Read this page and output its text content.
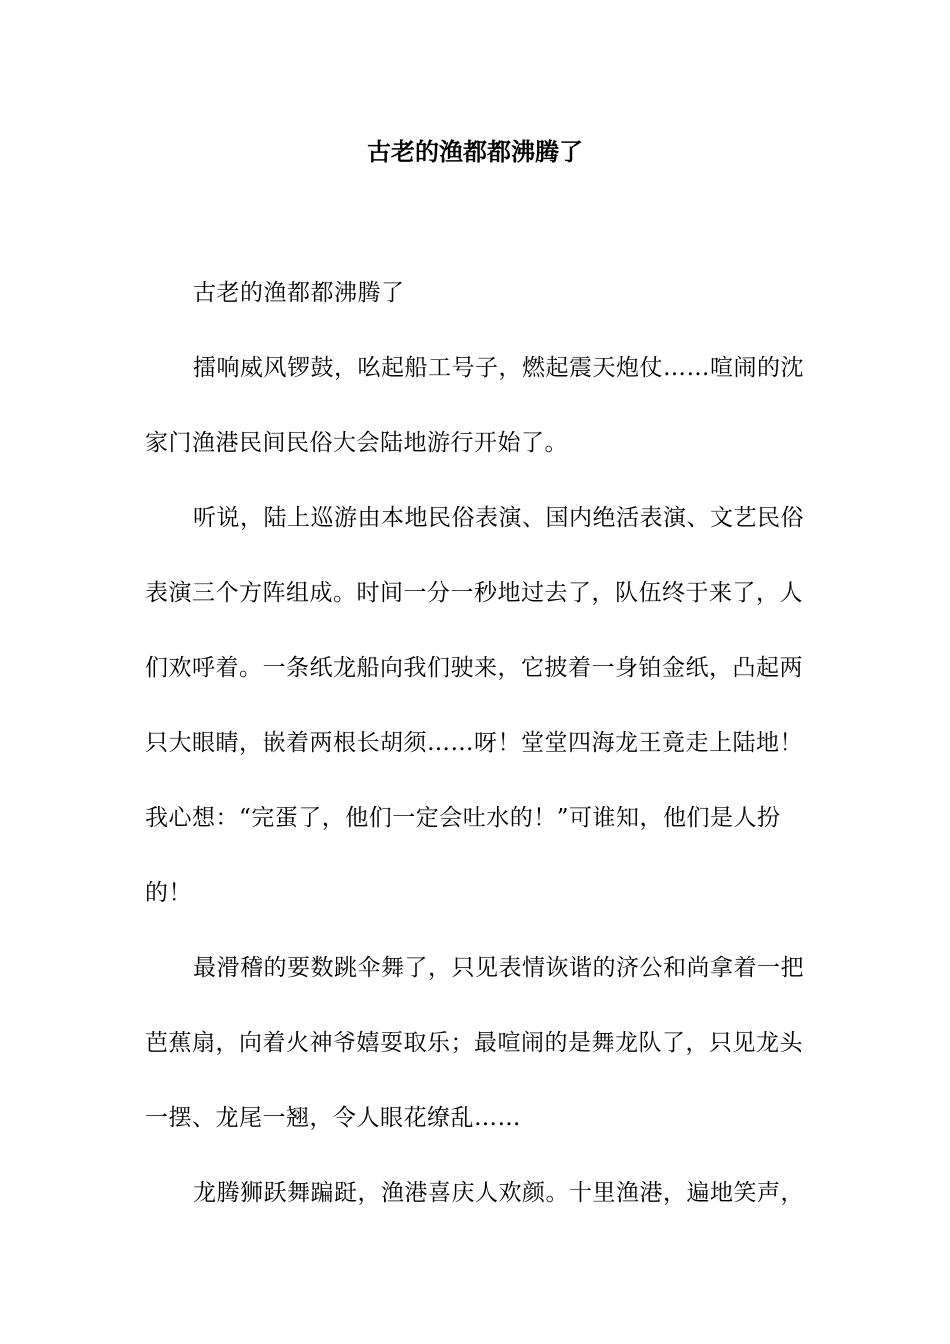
古老的渔都都沸腾了

古老的渔都都沸腾了

擂响威风锣鼓，吆起船工号子，燃起震天炮仗……喧闹的沈家门渔港民间民俗大会陆地游行开始了。

听说，陆上巡游由本地民俗表演、国内绝活表演、文艺民俗表演三个方阵组成。时间一分一秒地过去了，队伍终于来了，人们欢呼着。一条纸龙船向我们驶来，它披着一身铂金纸，凸起两只大眼睛，嵌着两根长胡须……呀！堂堂四海龙王竟走上陆地！我心想：“完蛋了，他们一定会吐水的！”可谁知，他们是人扮的！

最滑稽的要数跳伞舞了，只见表情诙谐的济公和尚拿着一把芭蕉扇，向着火神爷嬉耍取乐；最喧闹的是舞龙队了，只见龙头一摆、龙尾一翘，令人眼花缭乱……

龙腾狮跃舞蹁跹，渔港喜庆人欢颜。十里渔港，遍地笑声，
